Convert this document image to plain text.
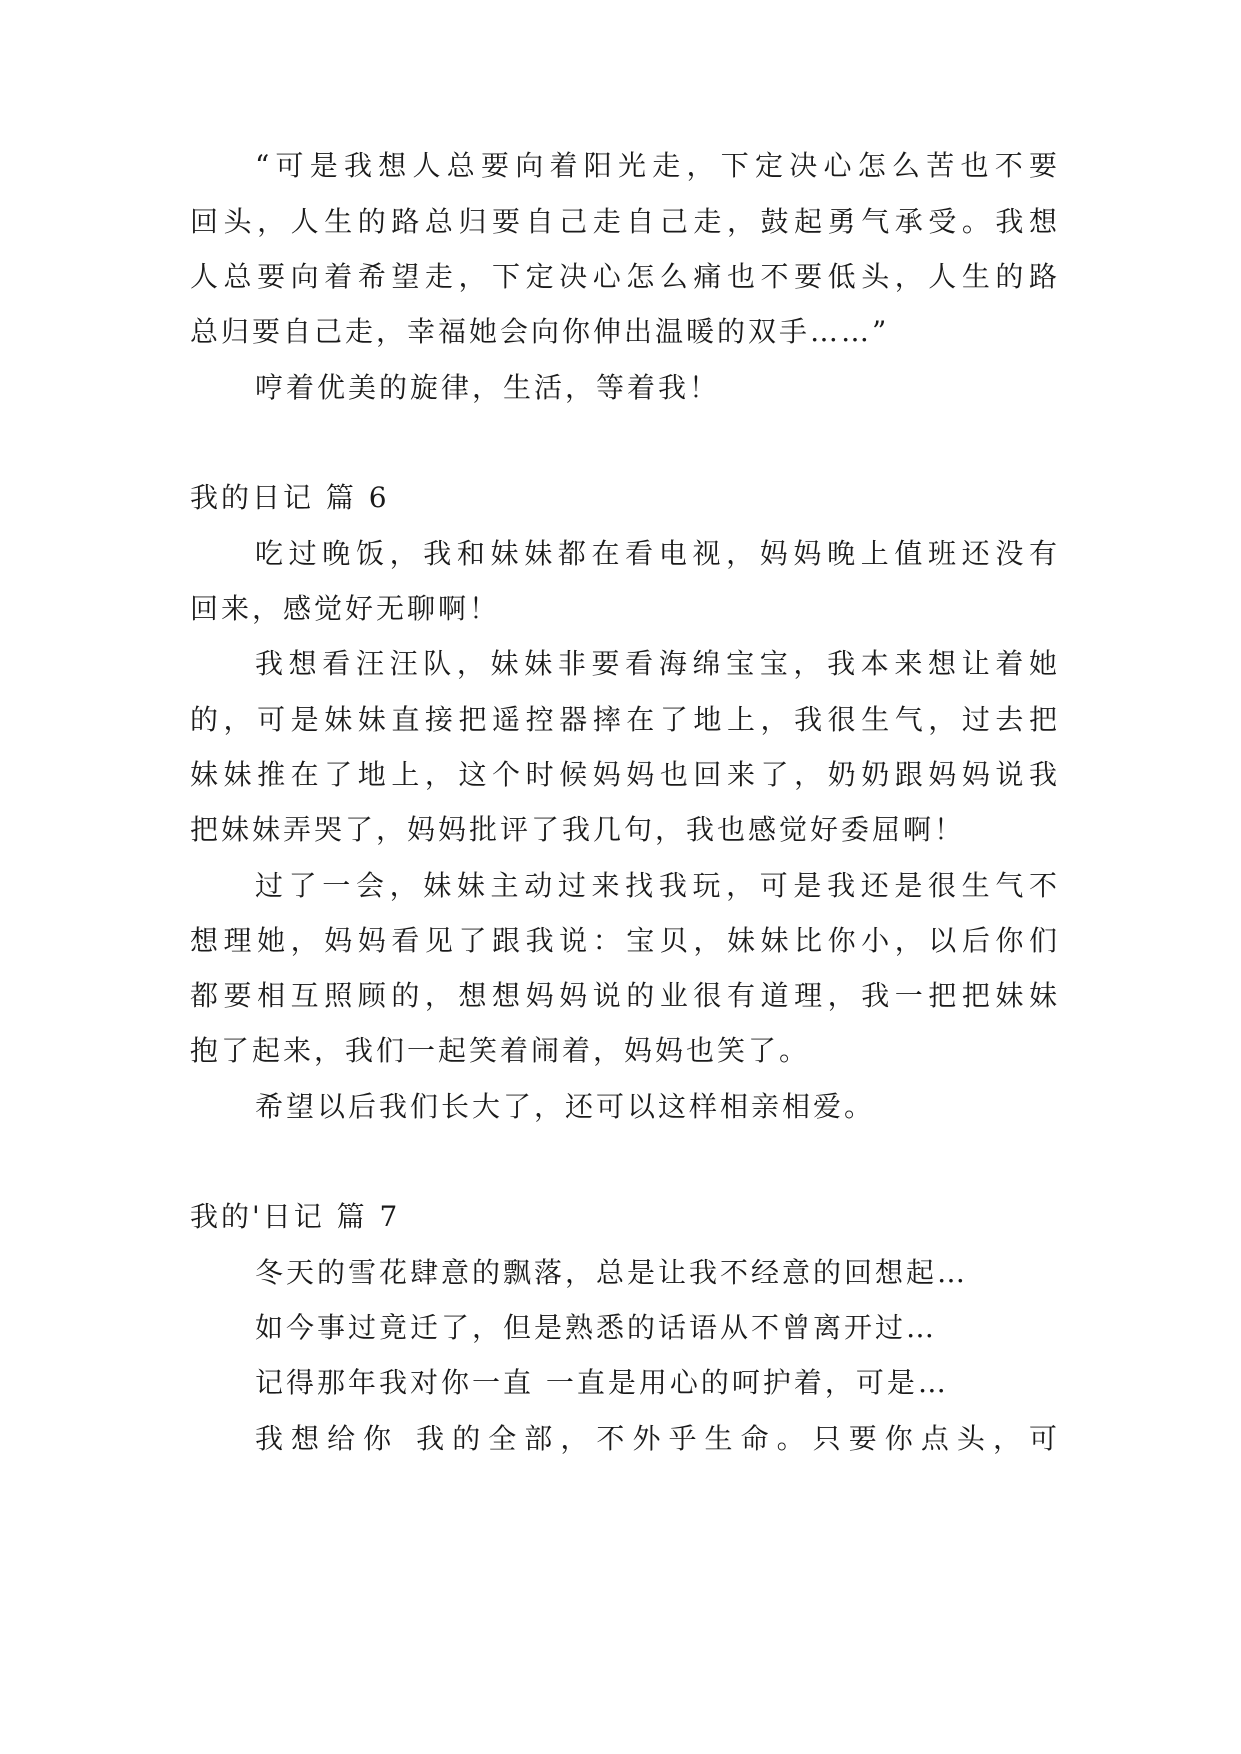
“可是我想人总要向着阳光走，下定决心怎么苦也不要
回头，人生的路总归要自己走自己走，鼓起勇气承受。我想
人总要向着希望走，下定决心怎么痛也不要低头，人生的路
总归要自己走，幸福她会向你伸出温暖的双手……”
哼着优美的旋律，生活，等着我！
我的日记 篇 6
吃过晚饭，我和妹妹都在看电视，妈妈晚上值班还没有
回来，感觉好无聊啊！
我想看汪汪队，妹妹非要看海绵宝宝，我本来想让着她
的，可是妹妹直接把遥控器摔在了地上，我很生气，过去把
妹妹推在了地上，这个时候妈妈也回来了，奶奶跟妈妈说我
把妹妹弄哭了，妈妈批评了我几句，我也感觉好委屈啊！
过了一会，妹妹主动过来找我玩，可是我还是很生气不
想理她，妈妈看见了跟我说：宝贝，妹妹比你小，以后你们
都要相互照顾的，想想妈妈说的业很有道理，我一把把妹妹
抱了起来，我们一起笑着闹着，妈妈也笑了。
希望以后我们长大了，还可以这样相亲相爱。
我的'日记 篇 7
冬天的雪花肆意的飘落，总是让我不经意的回想起…
如今事过竟迁了，但是熟悉的话语从不曾离开过…
记得那年我对你一直 一直是用心的呵护着，可是…
我想给你 我的全部，不外乎生命。只要你点头，可
